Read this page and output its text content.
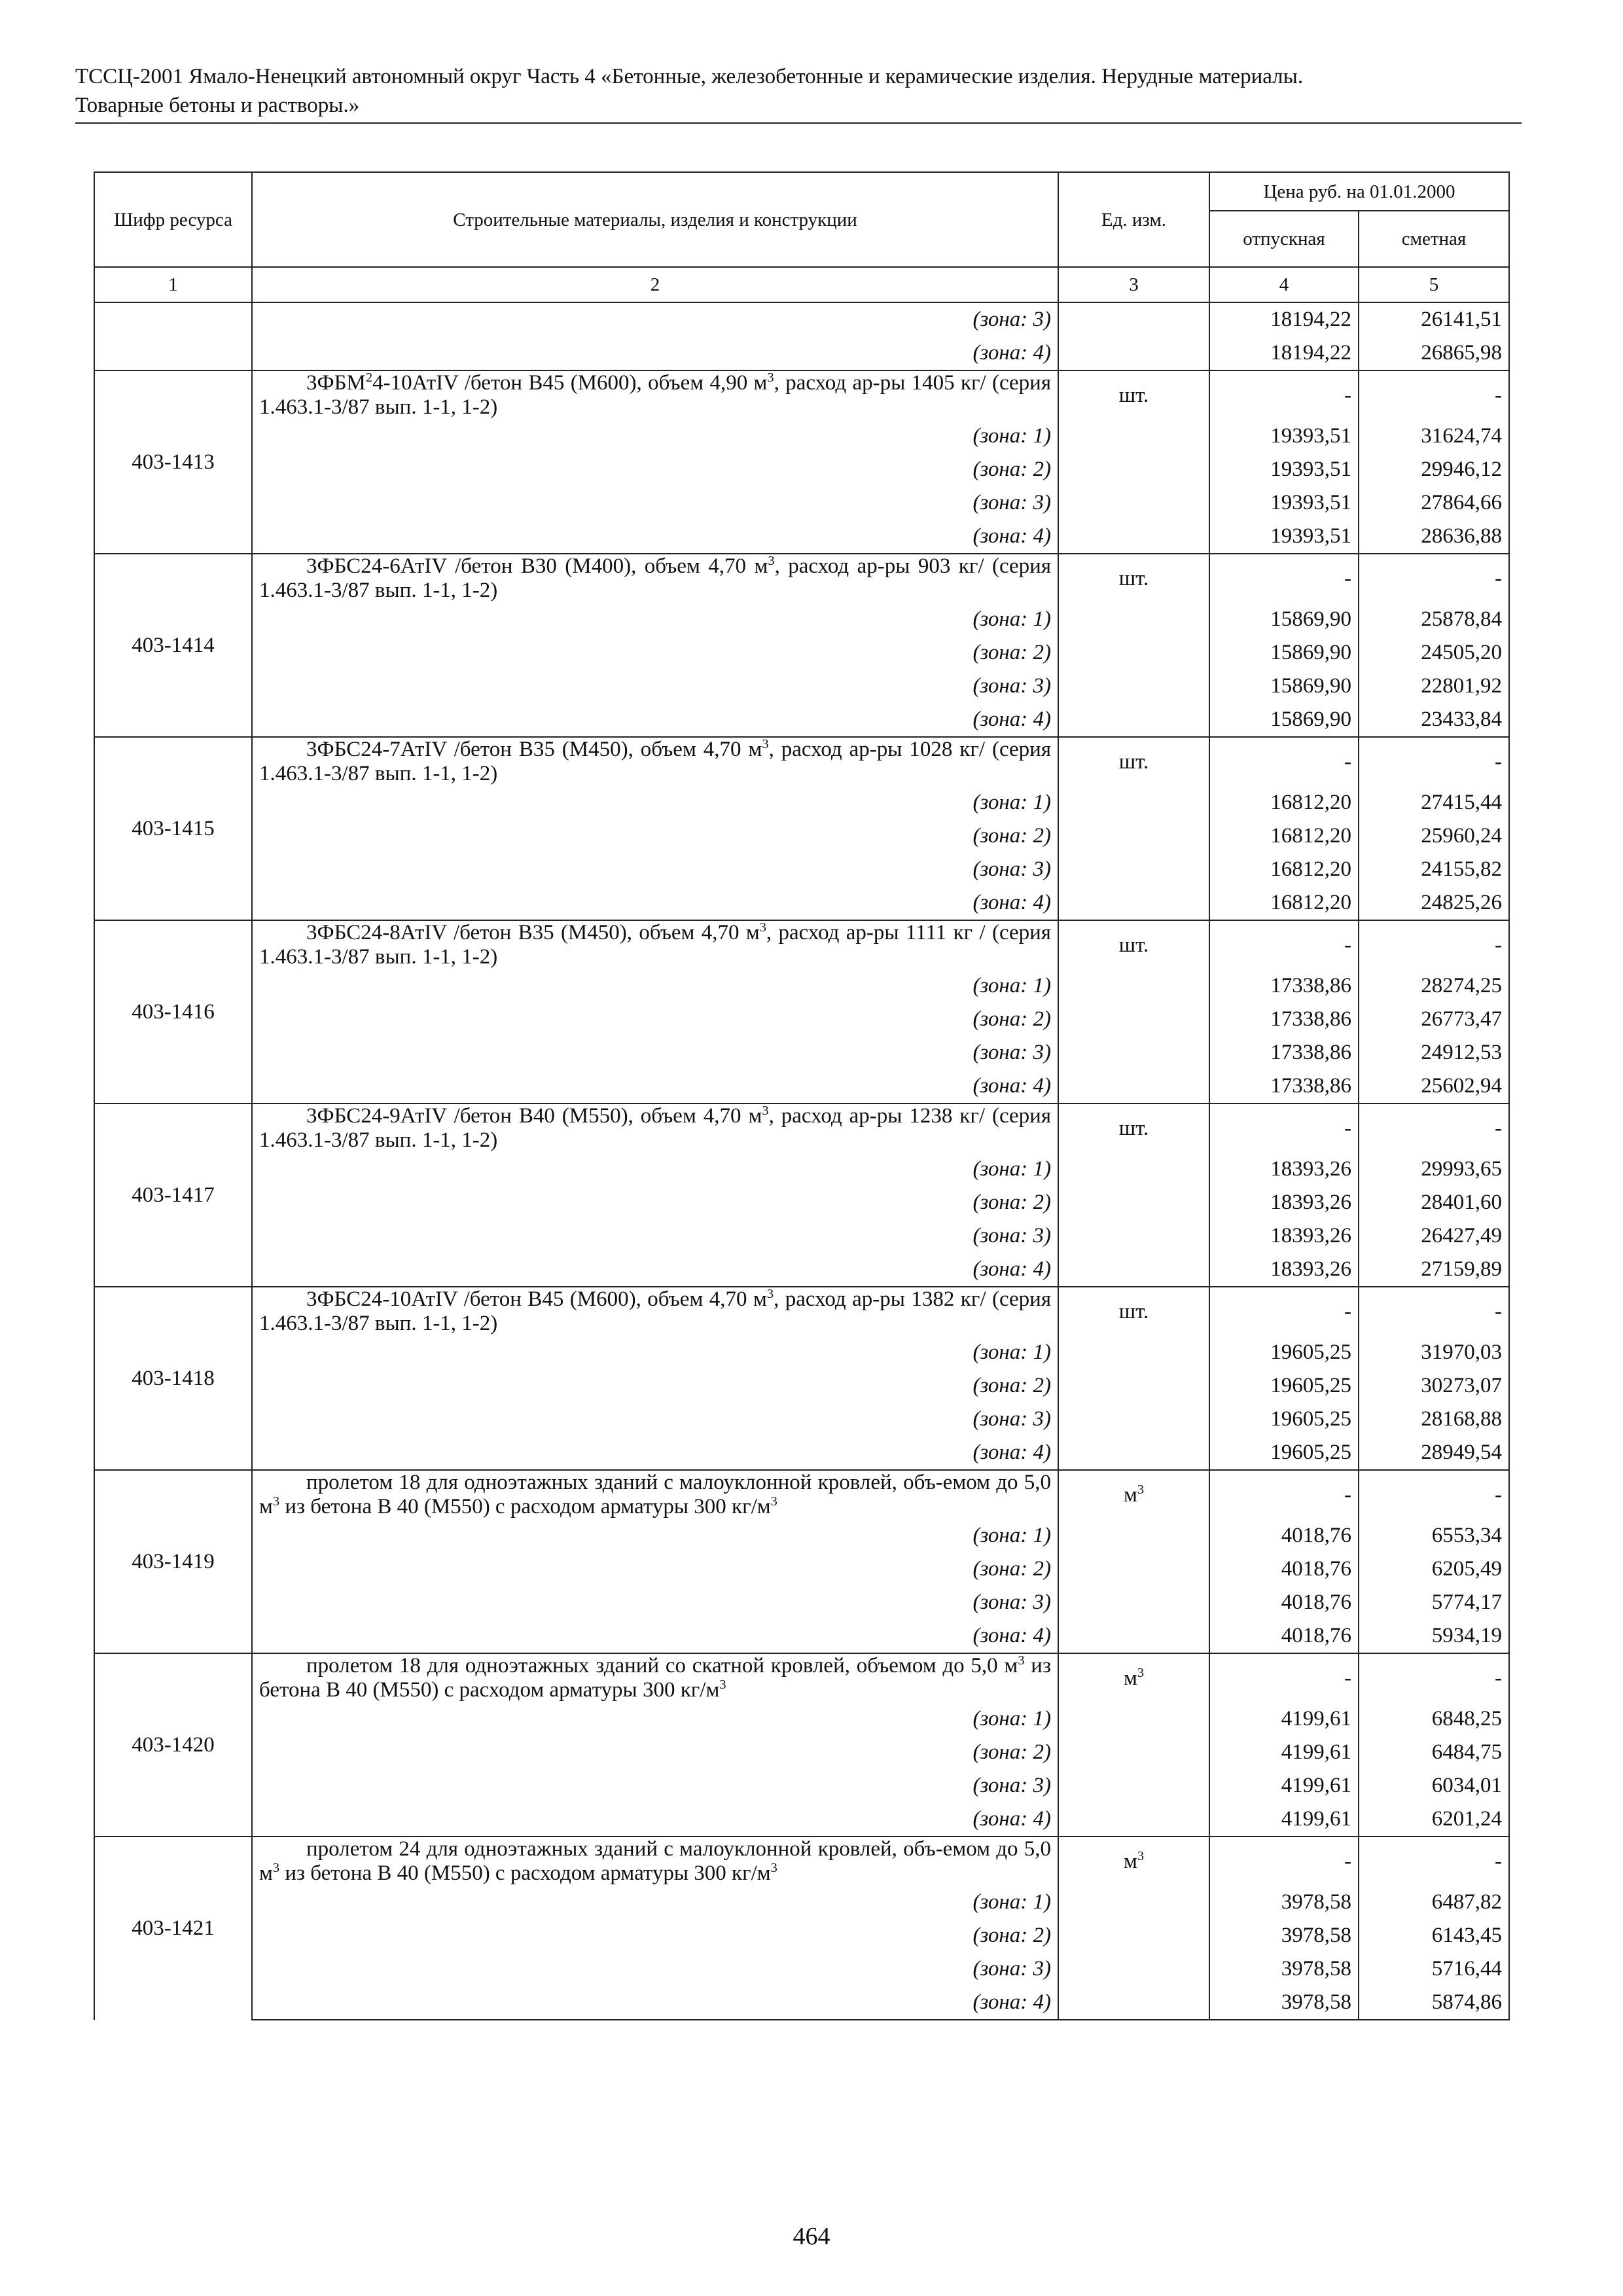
ТССЦ-2001 Ямало-Ненецкий автономный округ Часть 4 «Бетонные, железобетонные и керамические изделия. Нерудные материалы.
Товарные бетоны и растворы.»
Шифр ресурса	Строительные материалы, изделия и конструкции	Ед. изм.	Цена руб. на 01.01.2000	
			отпускная	сметная
1	2	3	4	5
	(зона: 3)		18194,22	26141,51
	(зона: 4)		18194,22	26865,98
403-1413	3ФБМ$^2$4-10АтIV /бетон В45 (М600), объем 4,90 $м^3$, расход ар-ры 1405 кг/ (серия 1.463.1-3/87 вып. 1-1, 1-2)	шт.	-	-
	(зона: 1)		19393,51	31624,74
	(зона: 2)		19393,51	29946,12
	(зона: 3)		19393,51	27864,66
	(зона: 4)		19393,51	28636,88
403-1414	3ФБС24-6АтIV /бетон В30 (М400), объем 4,70 $м^3$, расход ар-ры 903 кг/ (серия 1.463.1-3/87 вып. 1-1, 1-2)	шт.	-	-
	(зона: 1)		15869,90	25878,84
	(зона: 2)		15869,90	24505,20
	(зона: 3)		15869,90	22801,92
	(зона: 4)		15869,90	23433,84
403-1415	3ФБС24-7АтIV /бетон В35 (М450), объем 4,70 $м^3$, расход ар-ры 1028 кг/ (серия 1.463.1-3/87 вып. 1-1, 1-2)	шт.	-	-
	(зона: 1)		16812,20	27415,44
	(зона: 2)		16812,20	25960,24
	(зона: 3)		16812,20	24155,82
	(зона: 4)		16812,20	24825,26
403-1416	3ФБС24-8АтIV /бетон В35 (М450), объем 4,70 $м^3$, расход ар-ры 1111 кг / (серия 1.463.1-3/87 вып. 1-1, 1-2)	шт.	-	-
	(зона: 1)		17338,86	28274,25
	(зона: 2)		17338,86	26773,47
	(зона: 3)		17338,86	24912,53
	(зона: 4)		17338,86	25602,94
403-1417	3ФБС24-9АтIV /бетон В40 (М550), объем 4,70 $м^3$, расход ар-ры 1238 кг/ (серия 1.463.1-3/87 вып. 1-1, 1-2)	шт.	-	-
	(зона: 1)		18393,26	29993,65
	(зона: 2)		18393,26	28401,60
	(зона: 3)		18393,26	26427,49
	(зона: 4)		18393,26	27159,89
403-1418	3ФБС24-10АтIV /бетон В45 (М600), объем 4,70 $м^3$, расход ар-ры 1382 кг/ (серия 1.463.1-3/87 вып. 1-1, 1-2)	шт.	-	-
	(зона: 1)		19605,25	31970,03
	(зона: 2)		19605,25	30273,07
	(зона: 3)		19605,25	28168,88
	(зона: 4)		19605,25	28949,54
403-1419	пролетом 18 для одноэтажных зданий с малоуклонной кровлей, объ-емом до 5,0 $м^3$ из бетона В 40 (М550) с расходом арматуры 300 $кг/м^3$	$м^3$	-	-
	(зона: 1)		4018,76	6553,34
	(зона: 2)		4018,76	6205,49
	(зона: 3)		4018,76	5774,17
	(зона: 4)		4018,76	5934,19
403-1420	пролетом 18 для одноэтажных зданий со скатной кровлей, объемом до 5,0 $м^3$ из бетона В 40 (М550) с расходом арматуры 300 $кг/м^3$	$м^3$	-	-
	(зона: 1)		4199,61	6848,25
	(зона: 2)		4199,61	6484,75
	(зона: 3)		4199,61	6034,01
	(зона: 4)		4199,61	6201,24
403-1421	пролетом 24 для одноэтажных зданий с малоуклонной кровлей, объ-емом до 5,0 $м^3$ из бетона В 40 (М550) с расходом арматуры 300 $кг/м^3$	$м^3$	-	-
	(зона: 1)		3978,58	6487,82
	(зона: 2)		3978,58	6143,45
	(зона: 3)		3978,58	5716,44
	(зона: 4)		3978,58	5874,86
464
